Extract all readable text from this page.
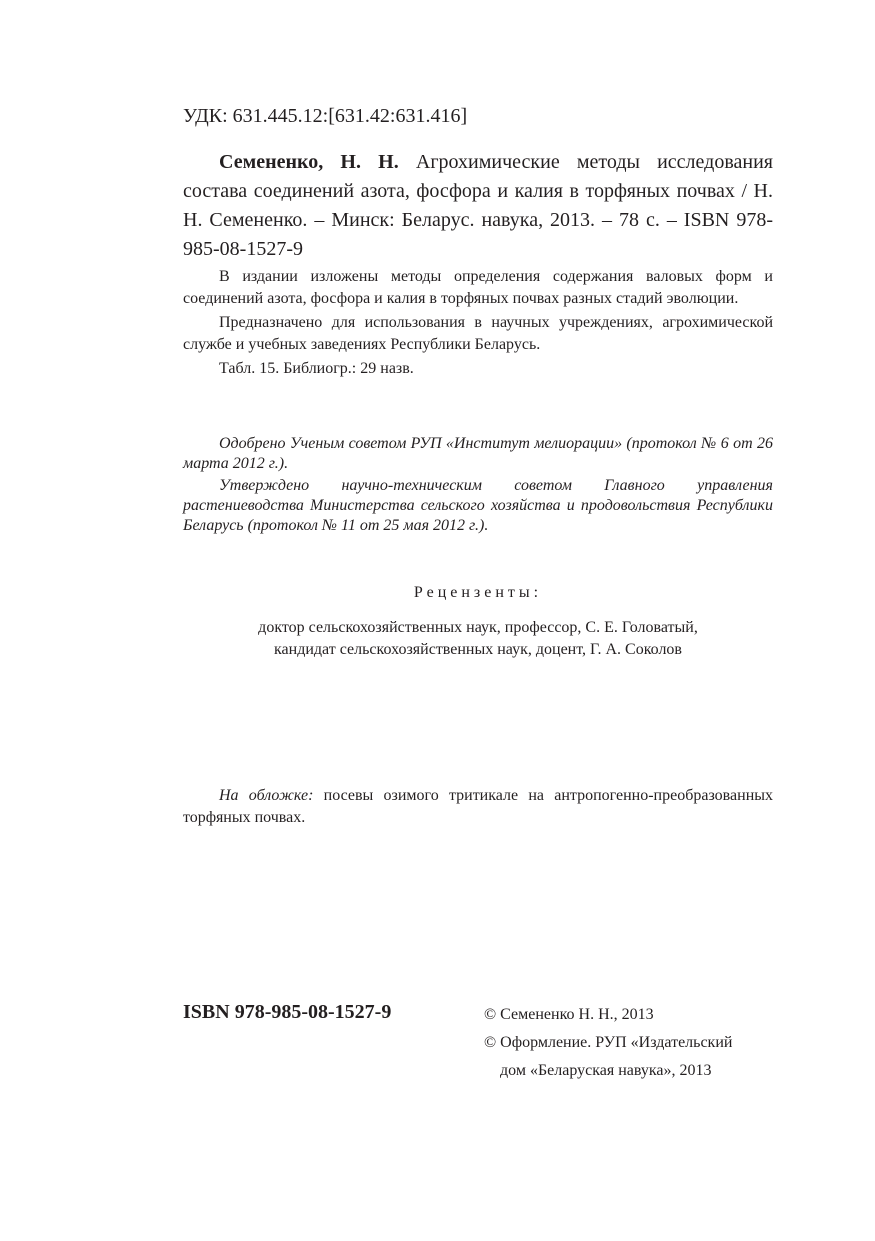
УДК: 631.445.12:[631.42:631.416]
Семененко, Н. Н. Агрохимические методы исследования состава соединений азота, фосфора и калия в торфяных почвах / Н. Н. Семененко. – Минск: Беларус. навука, 2013. – 78 с. – ISBN 978-985-08-1527-9

В издании изложены методы определения содержания валовых форм и соединений азота, фосфора и калия в торфяных почвах разных стадий эволюции.

Предназначено для использования в научных учреждениях, агрохимической службе и учебных заведениях Республики Беларусь.

Табл. 15. Библиогр.: 29 назв.

Одобрено Ученым советом РУП «Институт мелиорации» (протокол № 6 от 26 марта 2012 г.).

Утверждено научно-техническим советом Главного управления растениеводства Министерства сельского хозяйства и продовольствия Республики Беларусь (протокол № 11 от 25 мая 2012 г.).

Рецензенты:
доктор сельскохозяйственных наук, профессор, С. Е. Головатый,
кандидат сельскохозяйственных наук, доцент, Г. А. Соколов
На обложке: посевы озимого тритикале на антропогенно-преобразованных торфяных почвах.
ISBN 978-985-08-1527-9	© Семененко Н. Н., 2013
© Оформление. РУП «Издательский
дом «Беларуская навука», 2013
